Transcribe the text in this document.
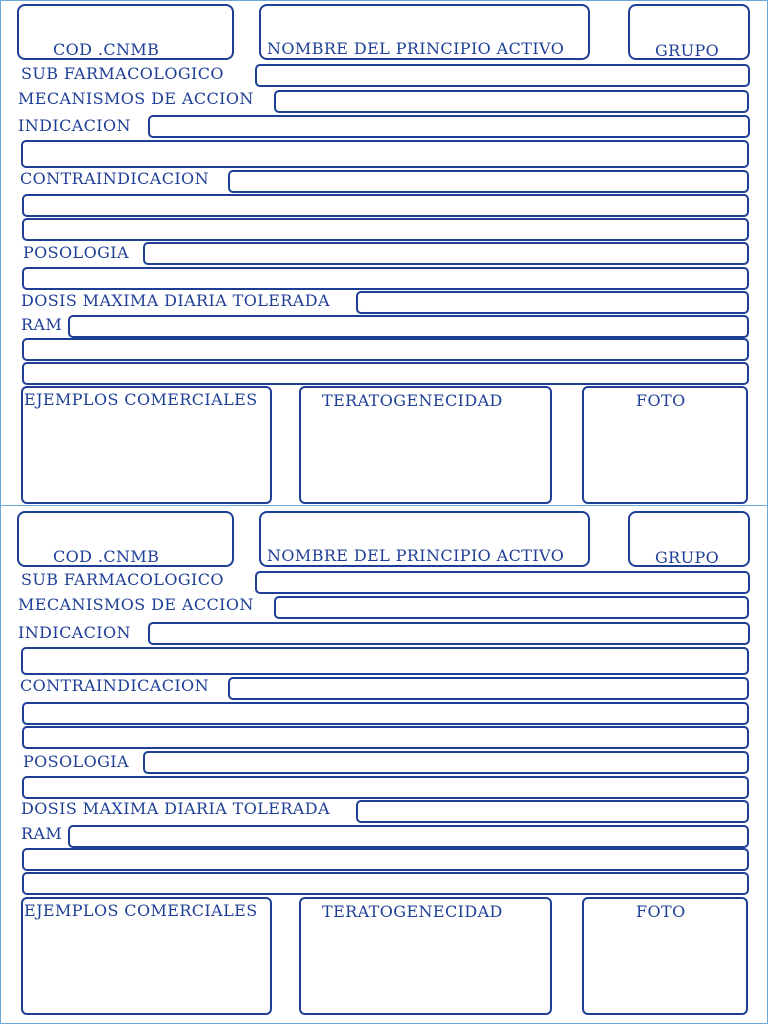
COD .CNMB	NOMBRE DEL PRINCIPIO ACTIVO	GRUPO
SUB FARMACOLOGICO
MECANISMOS DE ACCION
INDICACION
CONTRAINDICACION
POSOLOGIA
DOSIS MAXIMA DIARIA TOLERADA
RAM
EJEMPLOS COMERCIALES	TERATOGENECIDAD	FOTO
COD .CNMB	NOMBRE DEL PRINCIPIO ACTIVO	GRUPO
SUB FARMACOLOGICO
MECANISMOS DE ACCION
INDICACION
CONTRAINDICACION
POSOLOGIA
DOSIS MAXIMA DIARIA TOLERADA
RAM
EJEMPLOS COMERCIALES	TERATOGENECIDAD	FOTO
